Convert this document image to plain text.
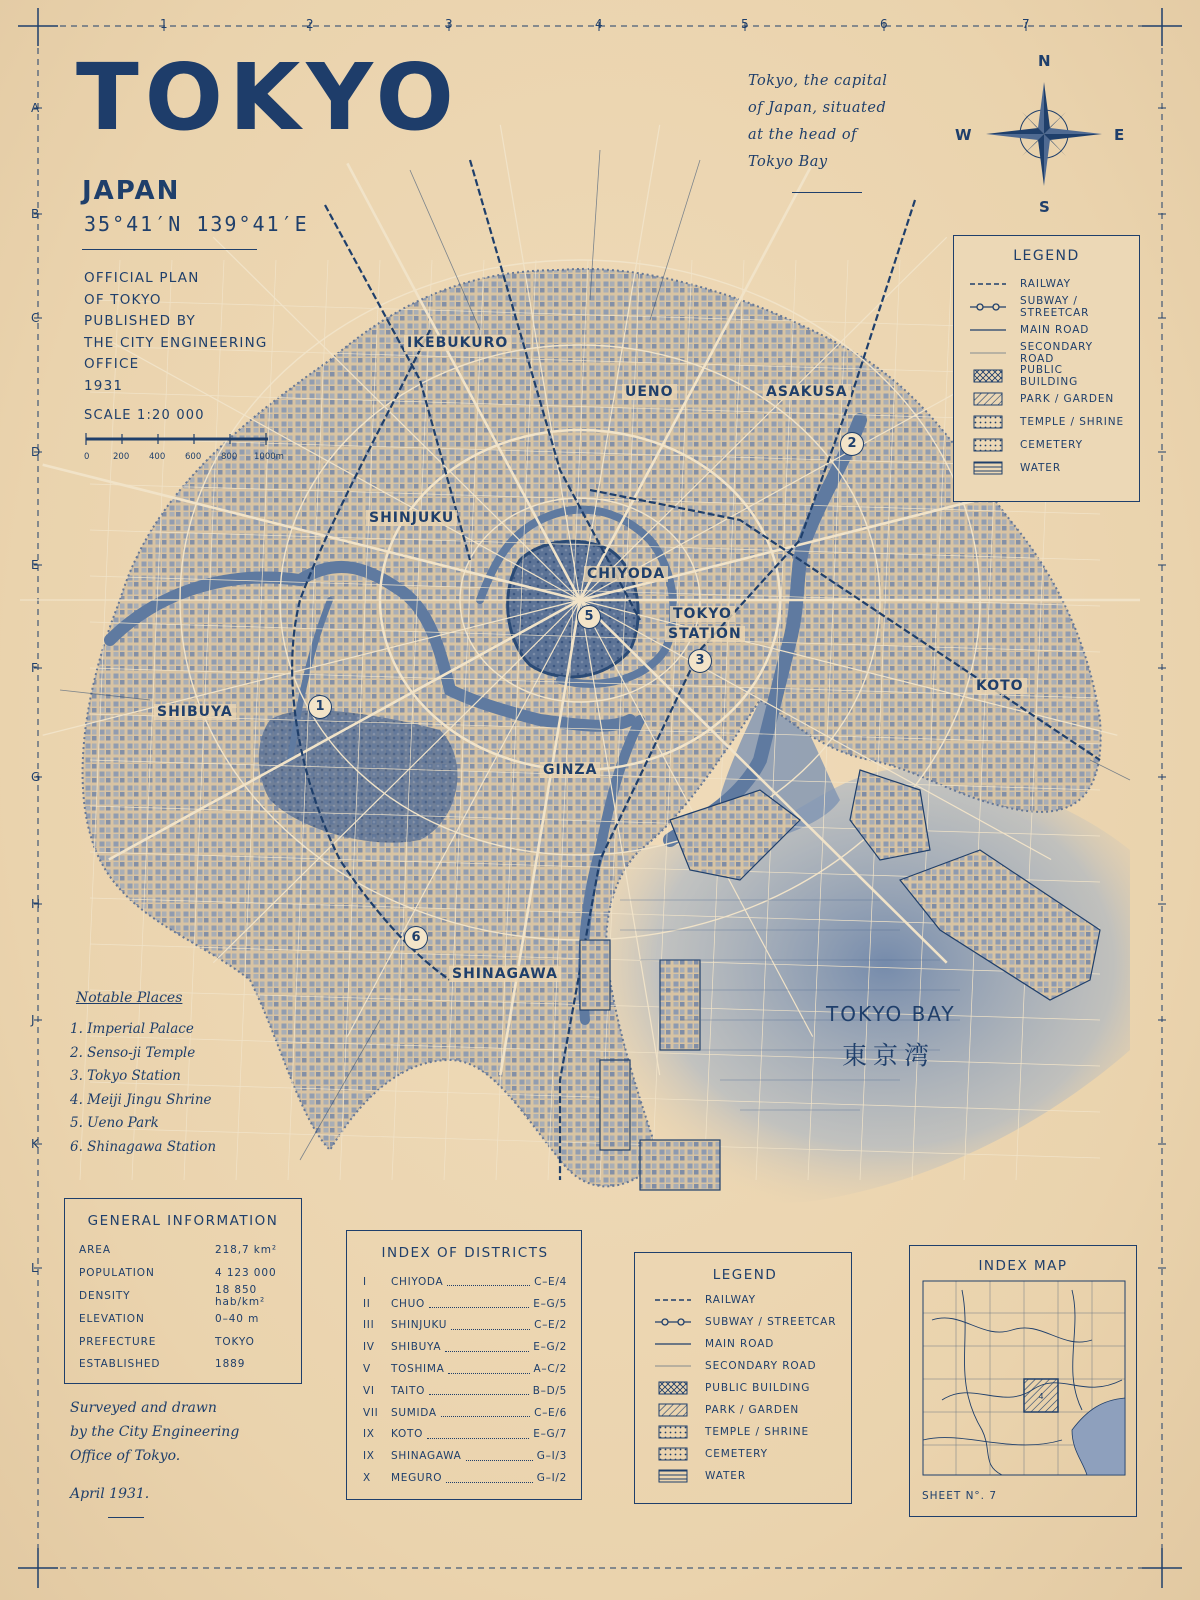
1	2	3	4	5	6	7
A
B
C
D
E
F
G
H
J
K
L
TOKYO
JAPAN
35°41′N 139°41′E
OFFICIAL PLAN
OF TOKYO
PUBLISHED BY
THE CITY ENGINEERING
OFFICE
1931
SCALE 1:20 000
0	200 400 600 800 1000m
Tokyo, the capital
of Japan, situated
at the head of
Tokyo Bay
N
S
E
W
LEGEND
RAILWAY
SUBWAY / STREETCAR
MAIN ROAD
SECONDARY ROAD
PUBLIC BUILDING
PARK / GARDEN
TEMPLE / SHRINE
CEMETERY
WATER
IKEBUKURO
UENO	ASAKUSA
SHINJUKU
CHIYODA
TOKYO
STATION
KOTO
SHIBUYA
GINZA
SHINAGAWA
1
2
3
5
6
TOKYO BAY
東京湾
Notable Places
1. Imperial Palace
2. Senso-ji Temple
3. Tokyo Station
4. Meiji Jingu Shrine
5. Ueno Park
6. Shinagawa Station
GENERAL INFORMATION
AREA	218,7 km²
POPULATION	4 123 000
DENSITY	18 850 hab/km²
ELEVATION	0–40 m
PREFECTURE	TOKYO
ESTABLISHED	1889
INDEX OF DISTRICTS
I	CHIYODA	C–E/4
II	CHUO	E–G/5
III	SHINJUKU	C–E/2
IV	SHIBUYA	E–G/2
V	TOSHIMA	A–C/2
VI	TAITO	B–D/5
VII	SUMIDA	C–E/6
IX	KOTO	E–G/7
IX	SHINAGAWA	G–I/3
X	MEGURO	G–I/2
LEGEND
RAILWAY
SUBWAY / STREETCAR
MAIN ROAD
SECONDARY ROAD
PUBLIC BUILDING
PARK / GARDEN
TEMPLE / SHRINE
CEMETERY
WATER
INDEX MAP
4
SHEET N°. 7
Surveyed and drawn
by the City Engineering
Office of Tokyo.
April 1931.
